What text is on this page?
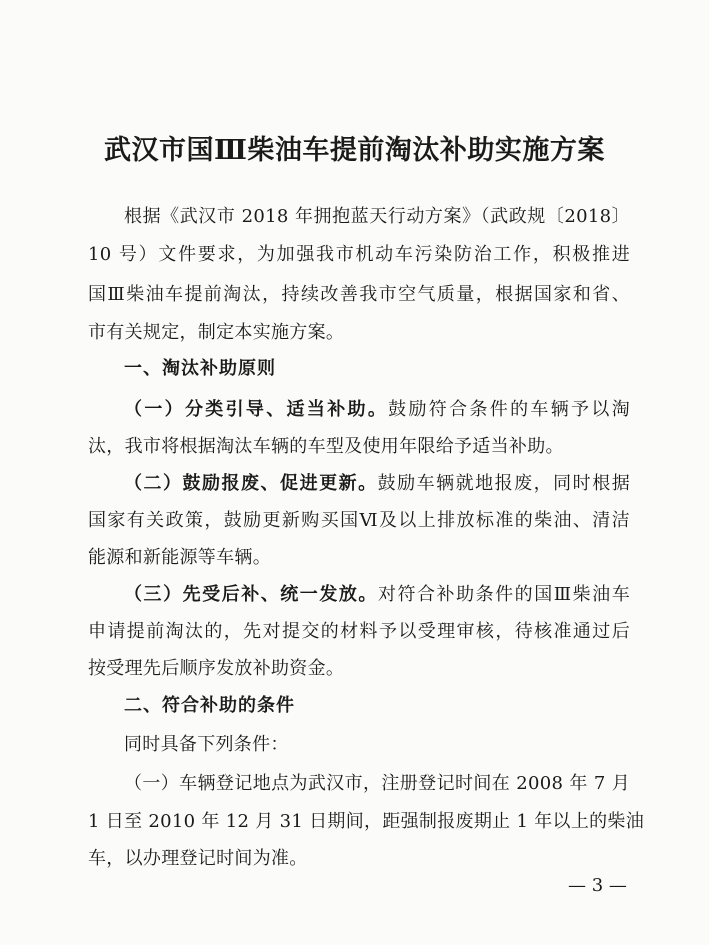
武汉市国Ⅲ柴油车提前淘汰补助实施方案
根据《武汉市 2018 年拥抱蓝天行动方案》（武政规〔2018〕
10 号）文件要求，为加强我市机动车污染防治工作，积极推进
国Ⅲ柴油车提前淘汰，持续改善我市空气质量，根据国家和省、
市有关规定，制定本实施方案。
一、淘汰补助原则
（一）分类引导、适当补助。鼓励符合条件的车辆予以淘
汰，我市将根据淘汰车辆的车型及使用年限给予适当补助。
（二）鼓励报废、促进更新。鼓励车辆就地报废，同时根据
国家有关政策，鼓励更新购买国Ⅵ及以上排放标准的柴油、清洁
能源和新能源等车辆。
（三）先受后补、统一发放。对符合补助条件的国Ⅲ柴油车
申请提前淘汰的，先对提交的材料予以受理审核，待核准通过后
按受理先后顺序发放补助资金。
二、符合补助的条件
同时具备下列条件：
（一）车辆登记地点为武汉市，注册登记时间在 2008 年 7 月
1 日至 2010 年 12 月 31 日期间，距强制报废期止 1 年以上的柴油
车，以办理登记时间为准。
— 3 —
